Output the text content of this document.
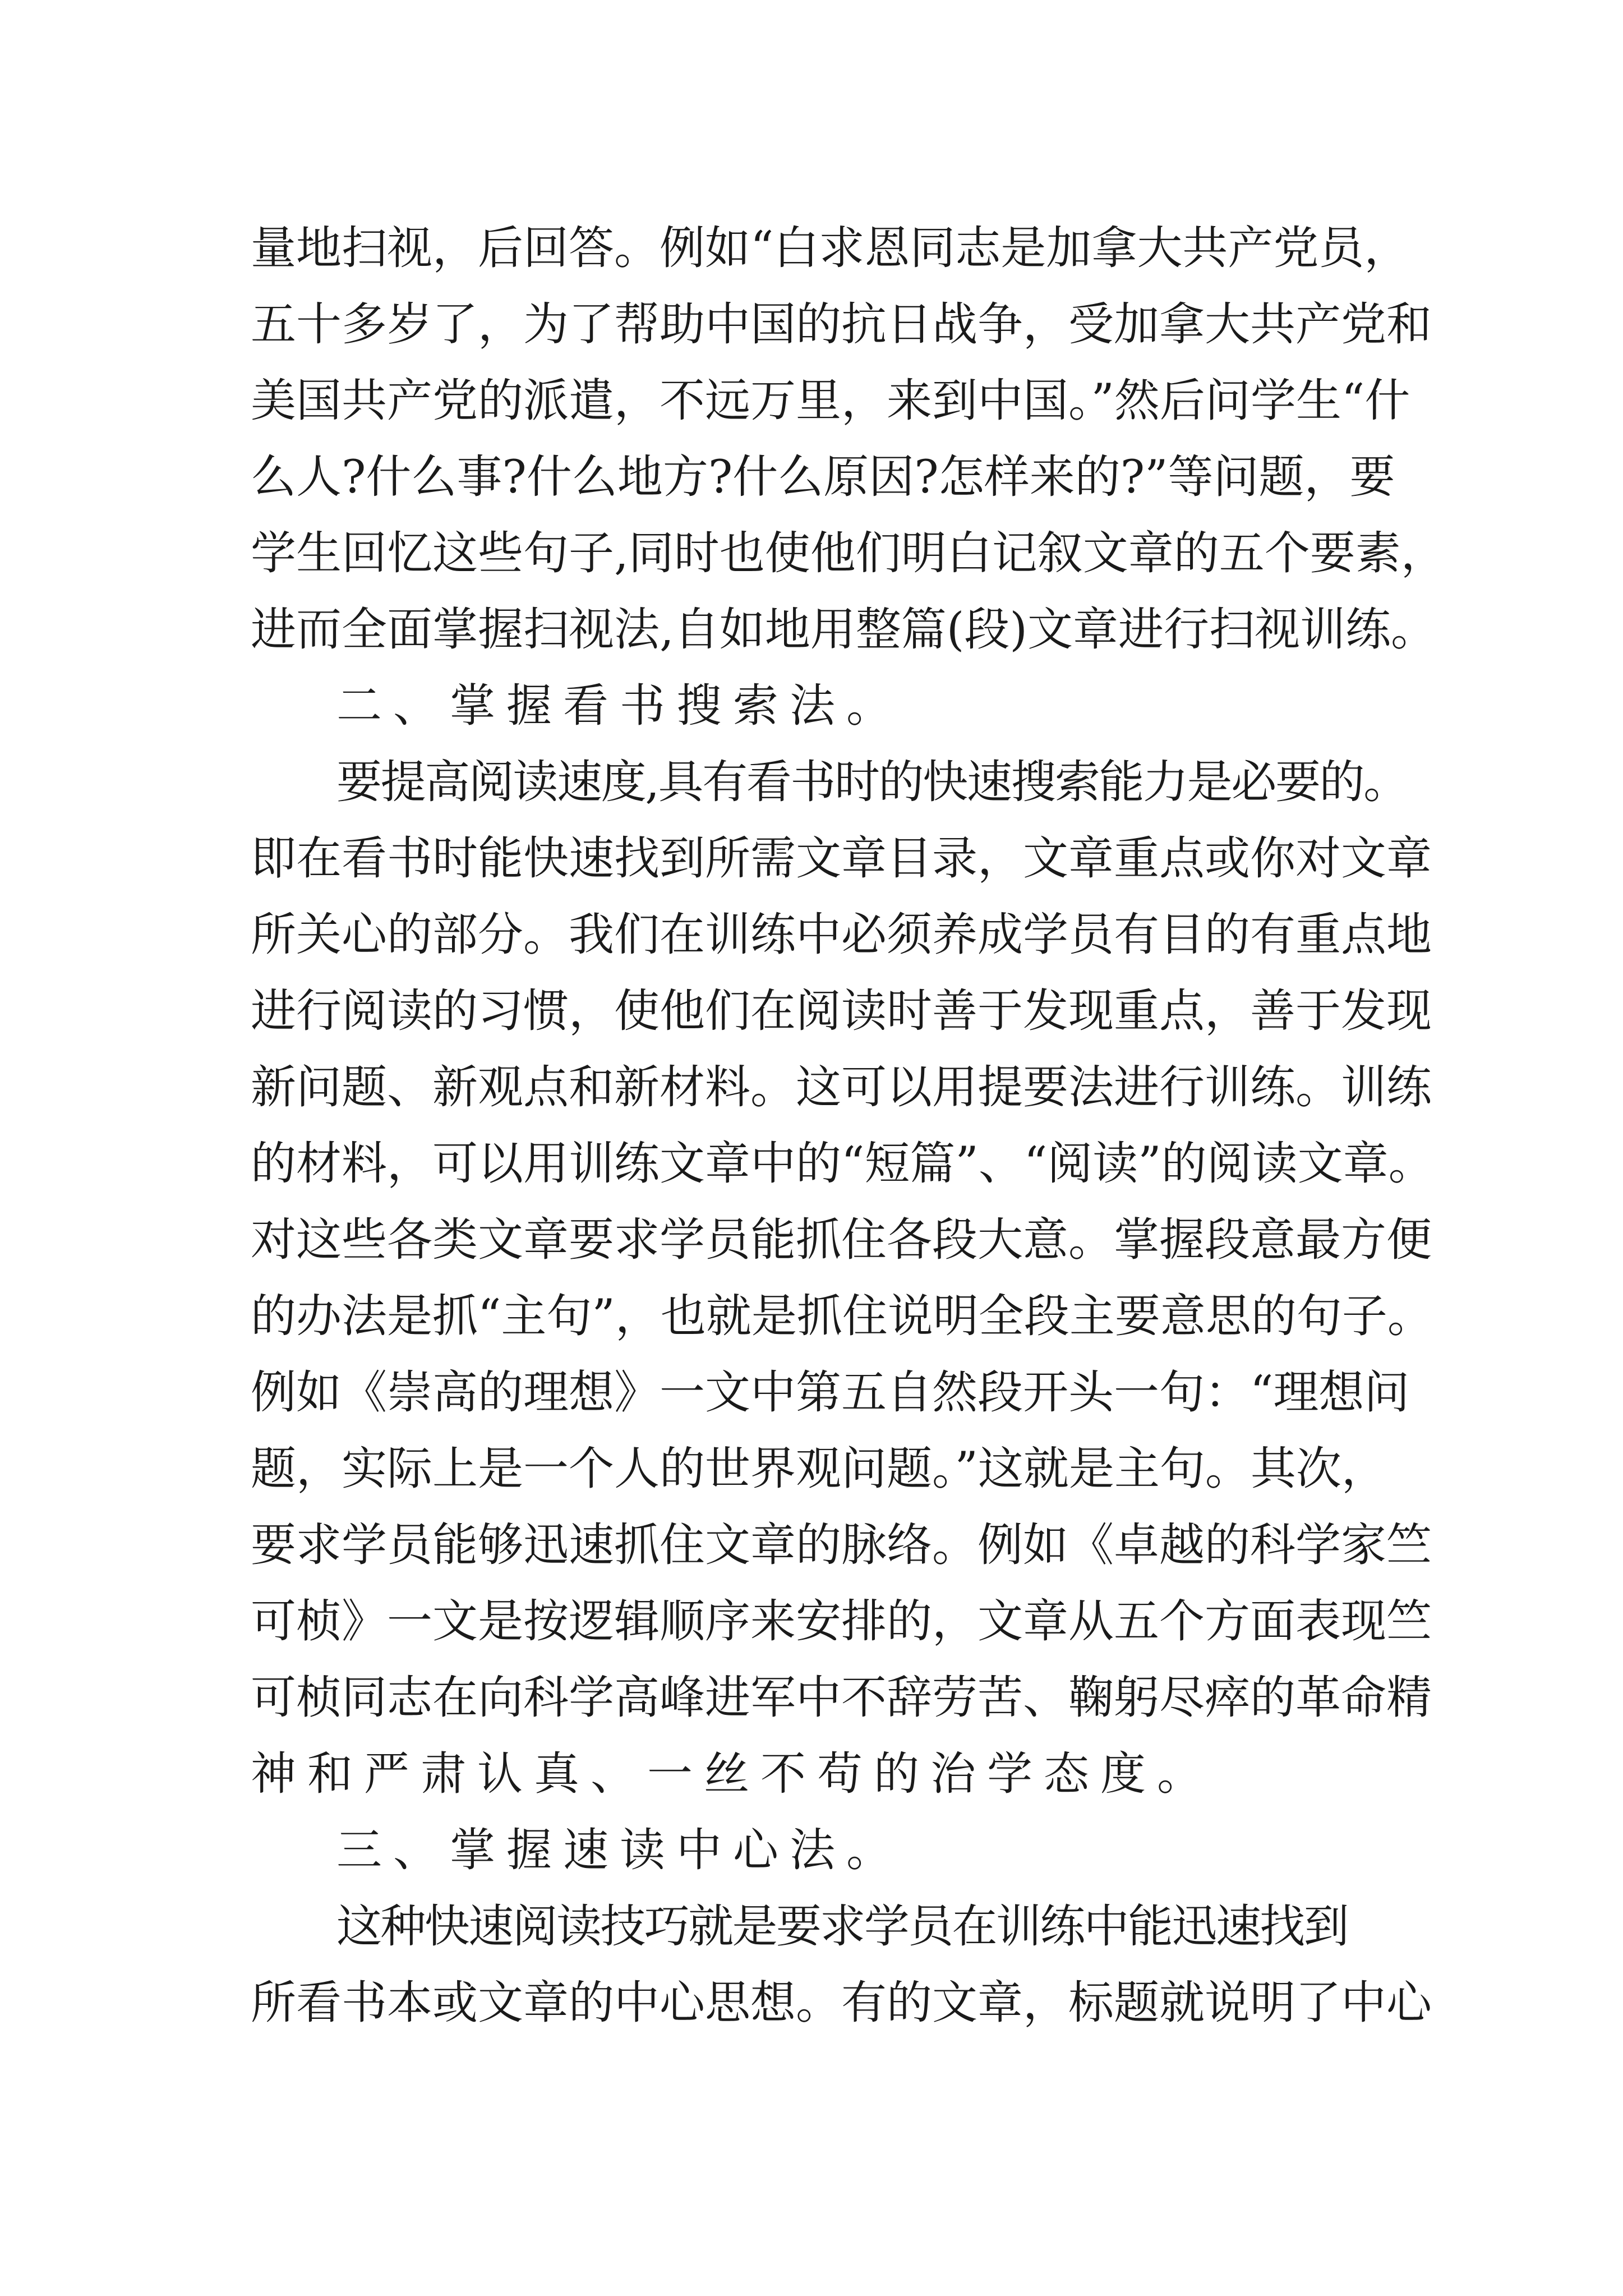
量地扫视，后回答。例如“白求恩同志是加拿大共产党员，

五十多岁了，为了帮助中国的抗日战争，受加拿大共产党和

美国共产党的派遣，不远万里，来到中国。”然后问学生“什

么人?什么事?什么地方?什么原因?怎样来的?”等问题，要

学生回忆这些句子,同时也使他们明白记叙文章的五个要素，

进而全面掌握扫视法,自如地用整篇(段)文章进行扫视训练。

二、掌握看书搜索法。

要提高阅读速度,具有看书时的快速搜索能力是必要的。

即在看书时能快速找到所需文章目录，文章重点或你对文章

所关心的部分。我们在训练中必须养成学员有目的有重点地

进行阅读的习惯，使他们在阅读时善于发现重点，善于发现

新问题、新观点和新材料。这可以用提要法进行训练。训练

的材料，可以用训练文章中的“短篇”、“阅读”的阅读文章。

对这些各类文章要求学员能抓住各段大意。掌握段意最方便

的办法是抓“主句”，也就是抓住说明全段主要意思的句子。

例如《崇高的理想》一文中第五自然段开头一句：“理想问

题，实际上是一个人的世界观问题。”这就是主句。其次，

要求学员能够迅速抓住文章的脉络。例如《卓越的科学家竺

可桢》一文是按逻辑顺序来安排的，文章从五个方面表现竺

可桢同志在向科学高峰进军中不辞劳苦、鞠躬尽瘁的革命精

神和严肃认真、一丝不苟的治学态度。

三、掌握速读中心法。

这种快速阅读技巧就是要求学员在训练中能迅速找到

所看书本或文章的中心思想。有的文章，标题就说明了中心
